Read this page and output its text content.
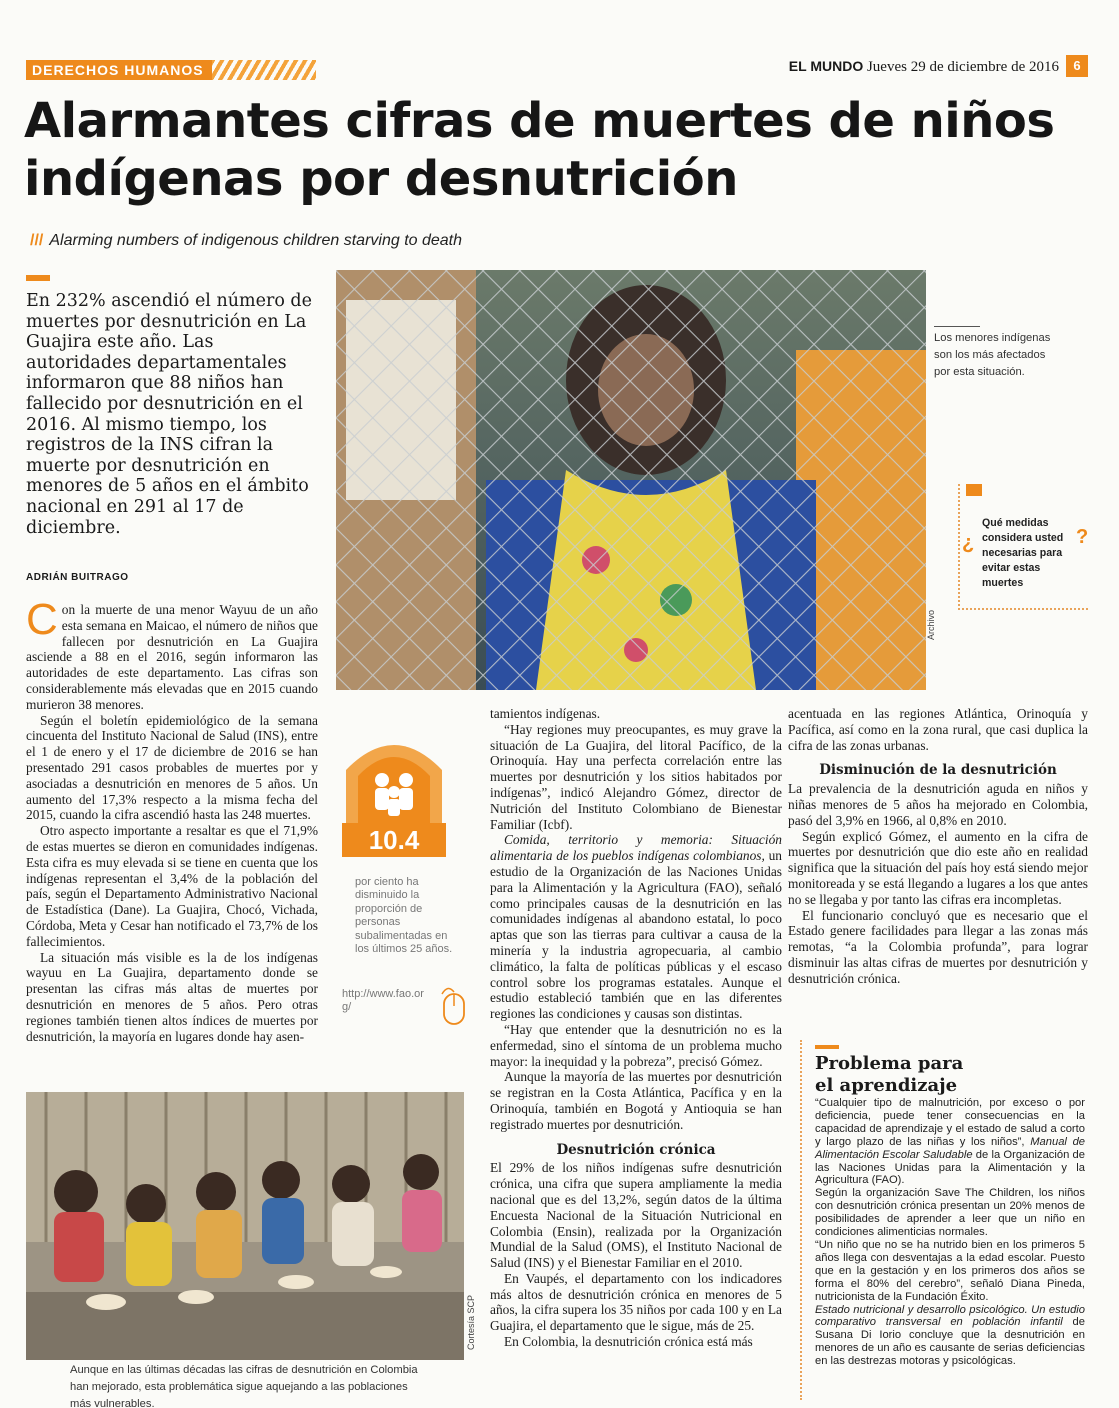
DERECHOS HUMANOS	EL MUNDO Jueves 29 de diciembre de 2016	6
Alarmantes cifras de muertes de niños indígenas por desnutrición
/// Alarming numbers of indigenous children starving to death
En 232% ascendió el número de muertes por desnutrición en La Guajira este año. Las autoridades departamentales informaron que 88 niños han fallecido por desnutrición en el 2016. Al mismo tiempo, los registros de la INS cifran la muerte por desnutrición en menores de 5 años en el ámbito nacional en 291 al 17 de diciembre.
ADRIÁN BUITRAGO

Con la muerte de una menor Wayuu de un año esta semana en Maicao, el número de niños que fallecen por desnutrición en La Guajira asciende a 88 en el 2016, según informaron las autoridades de este departamento. Las cifras son considerablemente más elevadas que en 2015 cuando murieron 38 menores.

Según el boletín epidemiológico de la semana cincuenta del Instituto Nacional de Salud (INS), entre el 1 de enero y el 17 de diciembre de 2016 se han presentado 291 casos probables de muertes por y asociadas a desnutrición en menores de 5 años. Un aumento del 17,3% respecto a la misma fecha del 2015, cuando la cifra ascendió hasta las 248 muertes.

Otro aspecto importante a resaltar es que el 71,9% de estas muertes se dieron en comunidades indígenas. Esta cifra es muy elevada si se tiene en cuenta que los indígenas representan el 3,4% de la población del país, según el Departamento Administrativo Nacional de Estadística (Dane). La Guajira, Chocó, Vichada, Córdoba, Meta y Cesar han notificado el 73,7% de los fallecimientos.

La situación más visible es la de los indígenas wayuu en La Guajira, departamento donde se presentan las cifras más altas de muertes por desnutrición en menores de 5 años. Pero otras regiones también tienen altos índices de muertes por desnutrición, la mayoría en lugares donde hay asen-

Archivo
Los menores indígenas son los más afectados por esta situación.
¿
Qué medidas considera usted necesarias para evitar estas muertes
?

tamientos indígenas.

“Hay regiones muy preocupantes, es muy grave la situación de La Guajira, del litoral Pacífico, de la Orinoquía. Hay una perfecta correlación entre las muertes por desnutrición y los sitios habitados por indígenas”, indicó Alejandro Gómez, director de Nutrición del Instituto Colombiano de Bienestar Familiar (Icbf).

Comida, territorio y memoria: Situación alimentaria de los pueblos indígenas colombianos, un estudio de la Organización de las Naciones Unidas para la Alimentación y la Agricultura (FAO), señaló como principales causas de la desnutrición en las comunidades indígenas al abandono estatal, lo poco aptas que son las tierras para cultivar a causa de la minería y la industria agropecuaria, al cambio climático, la falta de políticas públicas y el escaso control sobre los programas estatales. Aunque el estudio estableció también que en las diferentes regiones las condiciones y causas son distintas.

“Hay que entender que la desnutrición no es la enfermedad, sino el síntoma de un problema mucho mayor: la inequidad y la pobreza”, precisó Gómez.

Aunque la mayoría de las muertes por desnutrición se registran en la Costa Atlántica, Pacífica y en la Orinoquía, también en Bogotá y Antioquia se han registrado muertes por desnutrición.

Desnutrición crónica

El 29% de los niños indígenas sufre desnutrición crónica, una cifra que supera ampliamente la media nacional que es del 13,2%, según datos de la última Encuesta Nacional de la Situación Nutricional en Colombia (Ensin), realizada por la Organización Mundial de la Salud (OMS), el Instituto Nacional de Salud (INS) y el Bienestar Familiar en el 2010.

En Vaupés, el departamento con los indicadores más altos de desnutrición crónica en menores de 5 años, la cifra supera los 35 niños por cada 100 y en La Guajira, el departamento que le sigue, más de 25.

En Colombia, la desnutrición crónica está más

10.4
por ciento ha disminuido la proporción de personas subalimentadas en los últimos 25 años.
http://www.fao.org/

acentuada en las regiones Atlántica, Orinoquía y Pacífica, así como en la zona rural, que casi duplica la cifra de las zonas urbanas.

Disminución de la desnutrición

La prevalencia de la desnutrición aguda en niños y niñas menores de 5 años ha mejorado en Colombia, pasó del 3,9% en 1966, al 0,8% en 2010.

Según explicó Gómez, el aumento en la cifra de muertes por desnutrición que dio este año en realidad significa que la situación del país hoy está siendo mejor monitoreada y se está llegando a lugares a los que antes no se llegaba y por tanto las cifras era incompletas.

El funcionario concluyó que es necesario que el Estado genere facilidades para llegar a las zonas más remotas, “a la Colombia profunda”, para lograr disminuir las altas cifras de muertes por desnutrición y desnutrición crónica.

Problema para el aprendizaje

“Cualquier tipo de malnutrición, por exceso o por deficiencia, puede tener consecuencias en la capacidad de aprendizaje y el estado de salud a corto y largo plazo de las niñas y los niños”, Manual de Alimentación Escolar Saludable de la Organización de las Naciones Unidas para la Alimentación y la Agricultura (FAO).

Según la organización Save The Children, los niños con desnutrición crónica presentan un 20% menos de posibilidades de aprender a leer que un niño en condiciones alimenticias normales.

“Un niño que no se ha nutrido bien en los primeros 5 años llega con desventajas a la edad escolar. Puesto que en la gestación y en los primeros dos años se forma el 80% del cerebro”, señaló Diana Pineda, nutricionista de la Fundación Éxito.

Estado nutricional y desarrollo psicológico. Un estudio comparativo transversal en población infantil de Susana Di Iorio concluye que la desnutrición en menores de un año es causante de serias deficiencias en las destrezas motoras y psicológicas.

Cortesía SCP
Aunque en las últimas décadas las cifras de desnutrición en Colombia han mejorado, esta problemática sigue aquejando a las poblaciones más vulnerables.
